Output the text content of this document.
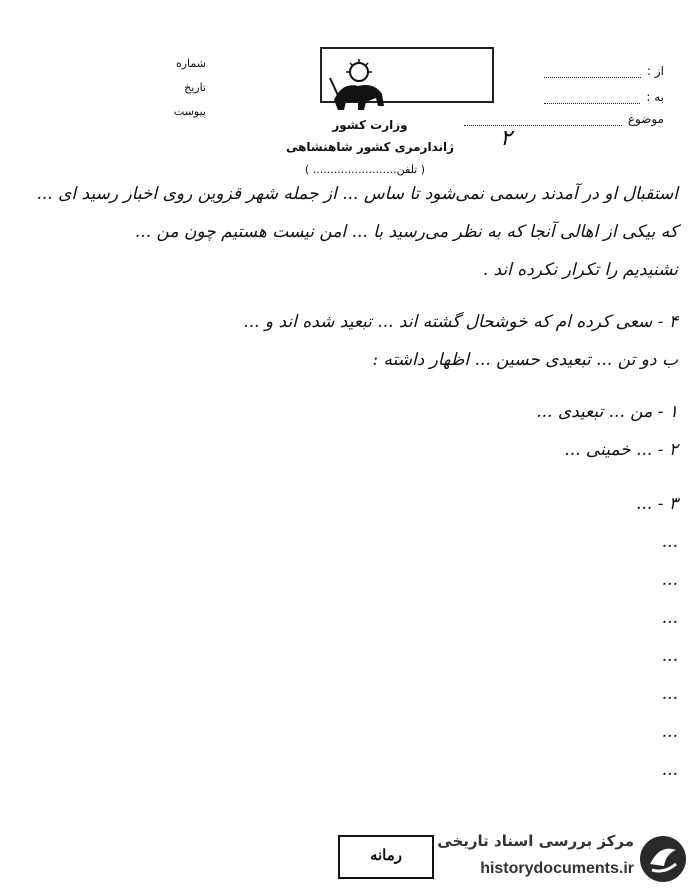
شماره
تاریخ
پیوست
از :
به :
موضوع
۲
وزارت کشور
ژاندارمری کشور شاهنشاهی
( تلفن........................ )
استقبال او در آمدند رسمی نمی‌شود تا ساس ... از جمله شهر قزوین روی اخبار رسید ای ...
که بیکی از اهالی آنجا که به نظر می‌رسید با ... امن نیست هستیم چون من ...
نشنیدیم را تکرار نکرده اند .
۴ - سعی کرده ام که خوشحال گشته اند ... تبعید شده اند و ...
ب دو تن ... تبعیدی حسین ... اظهار داشته :
۱ - من ... تبعیدی ...
۲ - ... خمینی ...
۳ - ...
...
...
...
...
...
...
...
رمانه
مرکز بررسی اسناد تاریخی
historydocuments.ir
